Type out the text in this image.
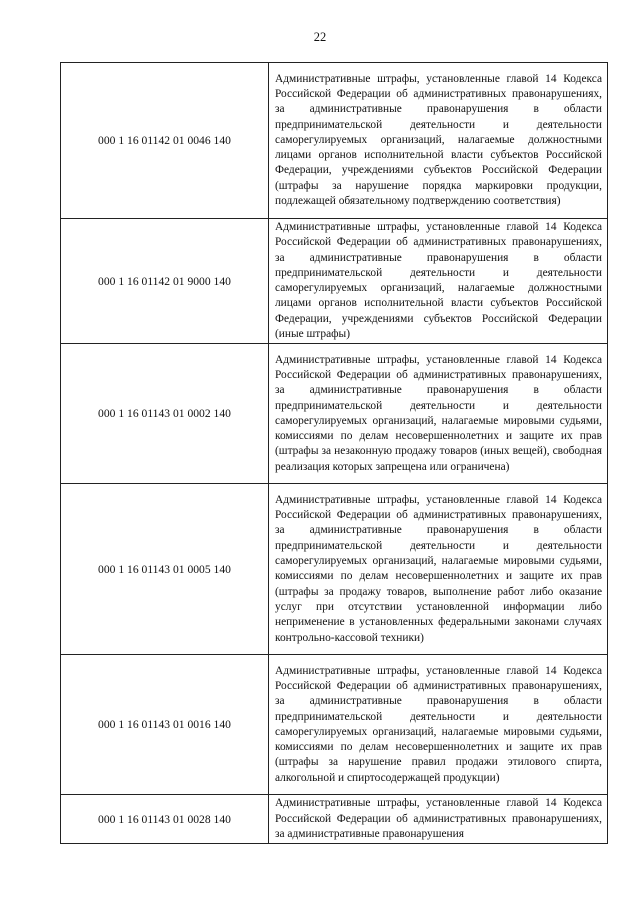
22
000 1 16 01142 01 0046 140	Административные штрафы, установленные главой 14 Кодекса Российской Федерации об административных правонарушениях, за административные правонарушения в области предпринимательской деятельности и деятельности саморегулируемых организаций, налагаемые должностными лицами органов исполнительной власти субъектов Российской Федерации, учреждениями субъектов Российской Федерации (штрафы за нарушение порядка маркировки продукции, подлежащей обязательному подтверждению соответствия)
000 1 16 01142 01 9000 140	Административные штрафы, установленные главой 14 Кодекса Российской Федерации об административных правонарушениях, за административные правонарушения в области предпринимательской деятельности и деятельности саморегулируемых организаций, налагаемые должностными лицами органов исполнительной власти субъектов Российской Федерации, учреждениями субъектов Российской Федерации (иные штрафы)
000 1 16 01143 01 0002 140	Административные штрафы, установленные главой 14 Кодекса Российской Федерации об административных правонарушениях, за административные правонарушения в области предпринимательской деятельности и деятельности саморегулируемых организаций, налагаемые мировыми судьями, комиссиями по делам несовершеннолетних и защите их прав (штрафы за незаконную продажу товаров (иных вещей), свободная реализация которых запрещена или ограничена)
000 1 16 01143 01 0005 140	Административные штрафы, установленные главой 14 Кодекса Российской Федерации об административных правонарушениях, за административные правонарушения в области предпринимательской деятельности и деятельности саморегулируемых организаций, налагаемые мировыми судьями, комиссиями по делам несовершеннолетних и защите их прав (штрафы за продажу товаров, выполнение работ либо оказание услуг при отсутствии установленной информации либо неприменение в установленных федеральными законами случаях контрольно-кассовой техники)
000 1 16 01143 01 0016 140	Административные штрафы, установленные главой 14 Кодекса Российской Федерации об административных правонарушениях, за административные правонарушения в области предпринимательской деятельности и деятельности саморегулируемых организаций, налагаемые мировыми судьями, комиссиями по делам несовершеннолетних и защите их прав (штрафы за нарушение правил продажи этилового спирта, алкогольной и спиртосодержащей продукции)
000 1 16 01143 01 0028 140	Административные штрафы, установленные главой 14 Кодекса Российской Федерации об административных правонарушениях, за административные правонарушения
